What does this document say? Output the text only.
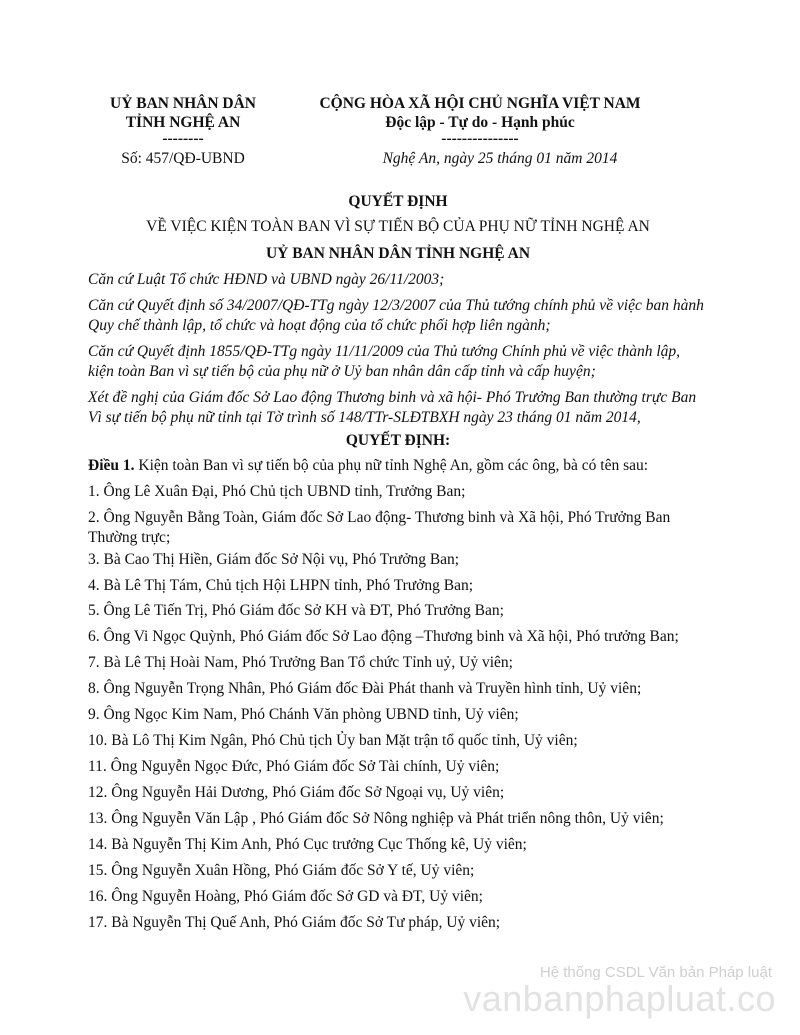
UỶ BAN NHÂN DÂN
TỈNH NGHỆ AN
--------
Số: 457/QĐ-UBND
CỘNG HÒA XÃ HỘI CHỦ NGHĨA VIỆT NAM
Độc lập - Tự do - Hạnh phúc
---------------
Nghệ An, ngày 25 tháng 01 năm 2014
QUYẾT ĐỊNH
VỀ VIỆC KIỆN TOÀN BAN VÌ SỰ TIẾN BỘ CỦA PHỤ NỮ TỈNH NGHỆ AN
UỶ BAN NHÂN DÂN TỈNH NGHỆ AN
Căn cứ Luật Tổ chức HĐND và UBND ngày 26/11/2003;
Căn cứ Quyết định số 34/2007/QĐ-TTg ngày 12/3/2007 của Thủ tướng chính phủ về việc ban hành Quy chế thành lập, tổ chức và hoạt động của tổ chức phối hợp liên ngành;
Căn cứ Quyết định 1855/QĐ-TTg ngày 11/11/2009 của Thủ tướng Chính phủ về việc thành lập, kiện toàn Ban vì sự tiến bộ của phụ nữ ở Uỷ ban nhân dân cấp tỉnh và cấp huyện;
Xét đề nghị của Giám đốc Sở Lao động Thương binh và xã hội- Phó Trưởng Ban thường trực Ban Vì sự tiến bộ phụ nữ tỉnh tại Tờ trình số 148/TTr-SLĐTBXH ngày 23 tháng 01 năm 2014,
QUYẾT ĐỊNH:
Điều 1. Kiện toàn Ban vì sự tiến bộ của phụ nữ tỉnh Nghệ An, gồm các ông, bà có tên sau:
1. Ông Lê Xuân Đại, Phó Chủ tịch UBND tỉnh, Trưởng Ban;
2. Ông Nguyễn Bằng Toàn, Giám đốc Sở Lao động- Thương binh và Xã hội, Phó Trưởng Ban Thường trực;
3. Bà Cao Thị Hiền, Giám đốc Sở Nội vụ, Phó Trưởng Ban;
4. Bà Lê Thị Tám, Chủ tịch Hội LHPN tỉnh, Phó Trưởng Ban;
5. Ông Lê Tiến Trị, Phó Giám đốc Sở KH và ĐT, Phó Trưởng Ban;
6. Ông Vi Ngọc Quỳnh, Phó Giám đốc Sở Lao động –Thương binh và Xã hội, Phó trưởng Ban;
7. Bà Lê Thị Hoài Nam, Phó Trưởng Ban Tổ chức Tỉnh uỷ, Uỷ viên;
8. Ông Nguyễn Trọng Nhân, Phó Giám đốc Đài Phát thanh và Truyền hình tỉnh, Uỷ viên;
9. Ông Ngọc Kim Nam, Phó Chánh Văn phòng UBND tỉnh, Uỷ viên;
10. Bà Lô Thị Kim Ngân, Phó Chủ tịch Ủy ban Mặt trận tổ quốc tỉnh, Uỷ viên;
11. Ông Nguyễn Ngọc Đức, Phó Giám đốc Sở Tài chính, Uỷ viên;
12. Ông Nguyễn Hải Dương, Phó Giám đốc Sở Ngoại vụ, Uỷ viên;
13. Ông Nguyễn Văn Lập , Phó Giám đốc Sở Nông nghiệp và Phát triển nông thôn, Uỷ viên;
14. Bà Nguyễn Thị Kim Anh, Phó Cục trưởng Cục Thống kê, Uỷ viên;
15. Ông Nguyễn Xuân Hồng, Phó Giám đốc Sở Y tế, Uỷ viên;
16. Ông Nguyễn Hoàng, Phó Giám đốc Sở GD và ĐT, Uỷ viên;
17. Bà Nguyễn Thị Quế Anh, Phó Giám đốc Sở Tư pháp, Uỷ viên;
Hệ thống CSDL Văn bản Pháp luật
vanbanphapluat.co
